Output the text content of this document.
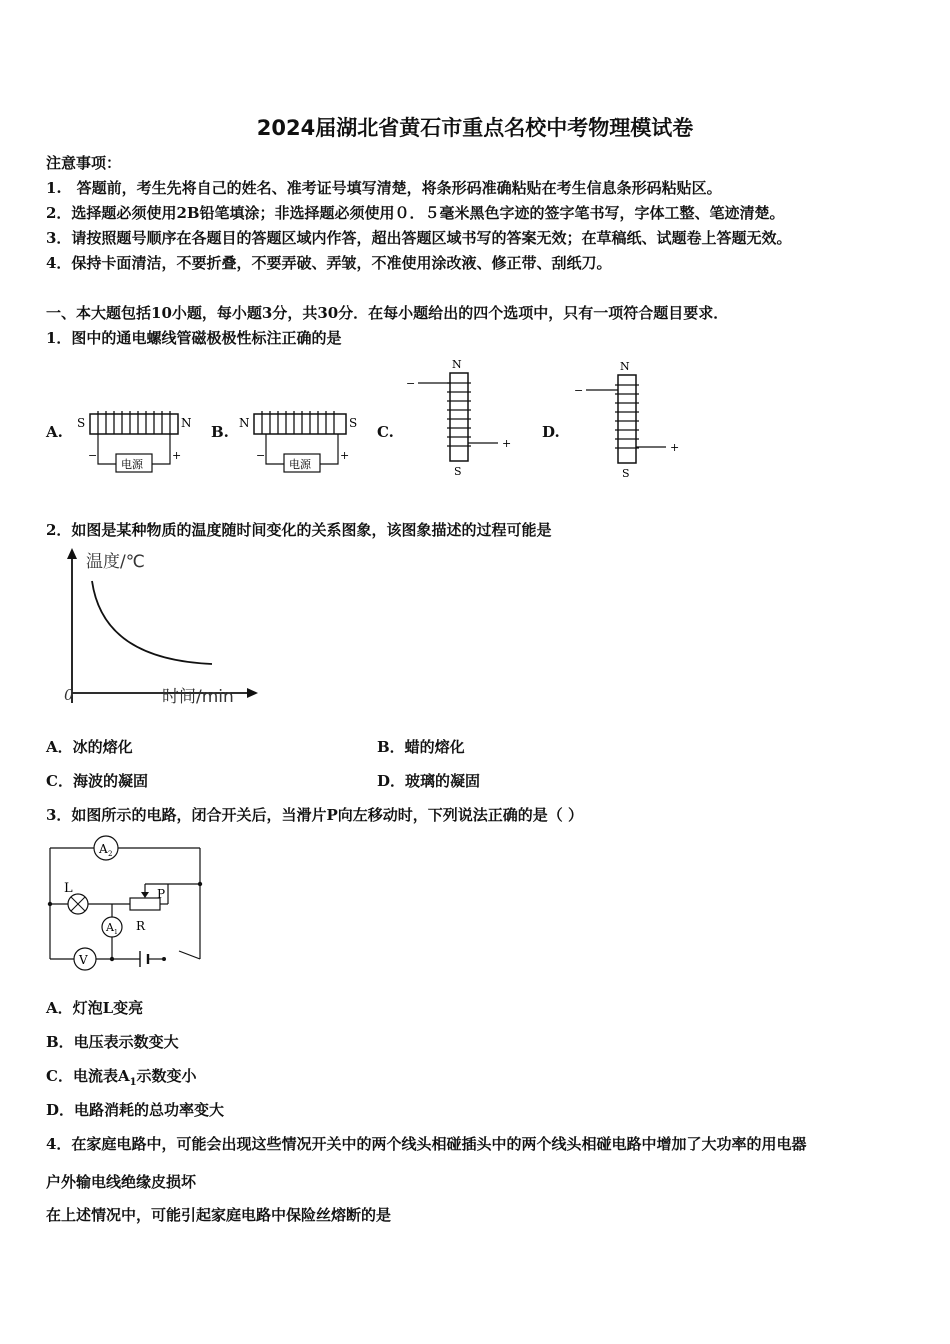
2024届湖北省黄石市重点名校中考物理模试卷
注意事项：
1.　答题前，考生先将自己的姓名、准考证号填写清楚，将条形码准确粘贴在考生信息条形码粘贴区。
2．选择题必须使用2B铅笔填涂；非选择题必须使用０．５毫米黑色字迹的签字笔书写，字体工整、笔迹清楚。
3．请按照题号顺序在各题目的答题区域内作答，超出答题区域书写的答案无效；在草稿纸、试题卷上答题无效。
4．保持卡面清洁，不要折叠，不要弄破、弄皱，不准使用涂改液、修正带、刮纸刀。
一、本大题包括10小题，每小题3分，共30分．在每小题给出的四个选项中，只有一项符合题目要求．
1．图中的通电螺线管磁极极性标注正确的是
A. S	N
电源
−	+
B. N	S
电源
−	+
C.
N
−
+
S
D.
N
−
+
S
2．如图是某种物质的温度随时间变化的关系图象，该图象描述的过程可能是
温度/℃
0	时间/min
A．冰的熔化	B．蜡的熔化
C．海波的凝固	D．玻璃的凝固
3．如图所示的电路，闭合开关后，当滑片P向左移动时，下列说法正确的是（ ）
A 2
L	P
R
A 1
V
A．灯泡L变亮
B．电压表示数变大
C．电流表$A_1$示数变小
D．电路消耗的总功率变大
4．在家庭电路中，可能会出现这些情况开关中的两个线头相碰插头中的两个线头相碰电路中增加了大功率的用电器
户外输电线绝缘皮损坏
在上述情况中，可能引起家庭电路中保险丝熔断的是
